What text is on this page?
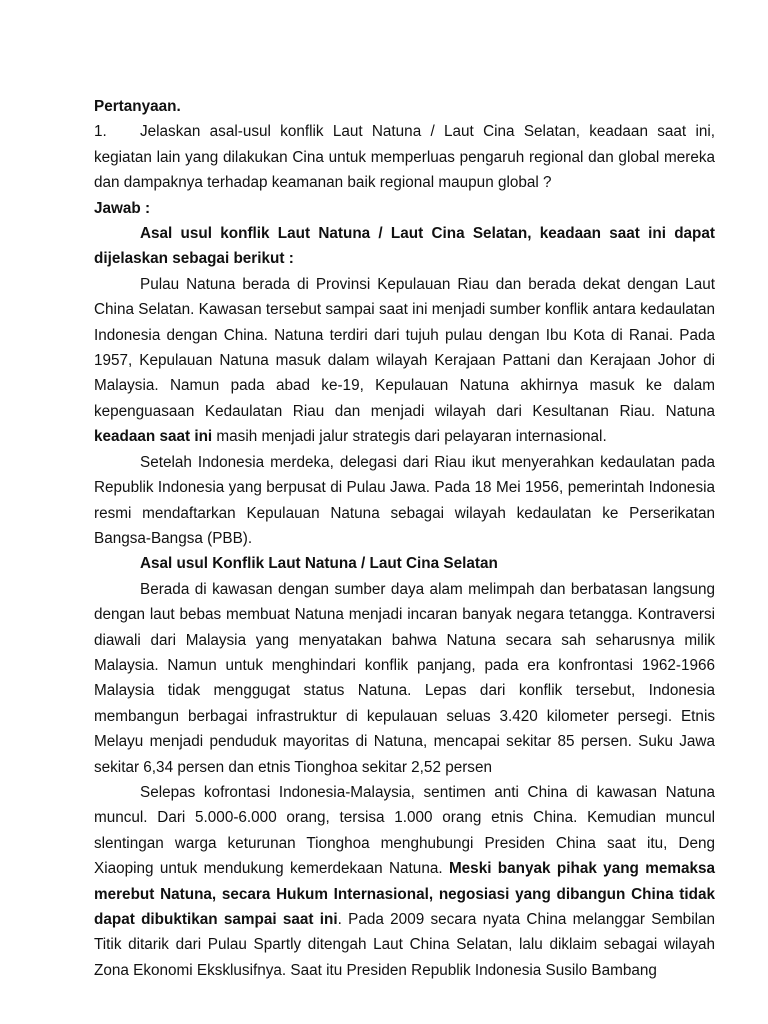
Pertanyaan.

1. Jelaskan asal-usul konflik Laut Natuna / Laut Cina Selatan, keadaan saat ini, kegiatan lain yang dilakukan Cina untuk memperluas pengaruh regional dan global mereka dan dampaknya terhadap keamanan baik regional maupun global ?

Jawab :

Asal usul konflik Laut Natuna / Laut Cina Selatan, keadaan saat ini dapat dijelaskan sebagai berikut :

Pulau Natuna berada di Provinsi Kepulauan Riau dan berada dekat dengan Laut China Selatan. Kawasan tersebut sampai saat ini menjadi sumber konflik antara kedaulatan Indonesia dengan China. Natuna terdiri dari tujuh pulau dengan Ibu Kota di Ranai. Pada 1957, Kepulauan Natuna masuk dalam wilayah Kerajaan Pattani dan Kerajaan Johor di Malaysia. Namun pada abad ke-19, Kepulauan Natuna akhirnya masuk ke dalam kepenguasaan Kedaulatan Riau dan menjadi wilayah dari Kesultanan Riau. Natuna keadaan saat ini masih menjadi jalur strategis dari pelayaran internasional.

Setelah Indonesia merdeka, delegasi dari Riau ikut menyerahkan kedaulatan pada Republik Indonesia yang berpusat di Pulau Jawa. Pada 18 Mei 1956, pemerintah Indonesia resmi mendaftarkan Kepulauan Natuna sebagai wilayah kedaulatan ke Perserikatan Bangsa-Bangsa (PBB).

Asal usul Konflik Laut Natuna / Laut Cina Selatan

Berada di kawasan dengan sumber daya alam melimpah dan berbatasan langsung dengan laut bebas membuat Natuna menjadi incaran banyak negara tetangga. Kontraversi diawali dari Malaysia yang menyatakan bahwa Natuna secara sah seharusnya milik Malaysia. Namun untuk menghindari konflik panjang, pada era konfrontasi 1962-1966 Malaysia tidak menggugat status Natuna. Lepas dari konflik tersebut, Indonesia membangun berbagai infrastruktur di kepulauan seluas 3.420 kilometer persegi. Etnis Melayu menjadi penduduk mayoritas di Natuna, mencapai sekitar 85 persen. Suku Jawa sekitar 6,34 persen dan etnis Tionghoa sekitar 2,52 persen

Selepas kofrontasi Indonesia-Malaysia, sentimen anti China di kawasan Natuna muncul. Dari 5.000-6.000 orang, tersisa 1.000 orang etnis China. Kemudian muncul slentingan warga keturunan Tionghoa menghubungi Presiden China saat itu, Deng Xiaoping untuk mendukung kemerdekaan Natuna. Meski banyak pihak yang memaksa merebut Natuna, secara Hukum Internasional, negosiasi yang dibangun China tidak dapat dibuktikan sampai saat ini. Pada 2009 secara nyata China melanggar Sembilan Titik ditarik dari Pulau Spartly ditengah Laut China Selatan, lalu diklaim sebagai wilayah Zona Ekonomi Eksklusifnya. Saat itu Presiden Republik Indonesia Susilo Bambang
